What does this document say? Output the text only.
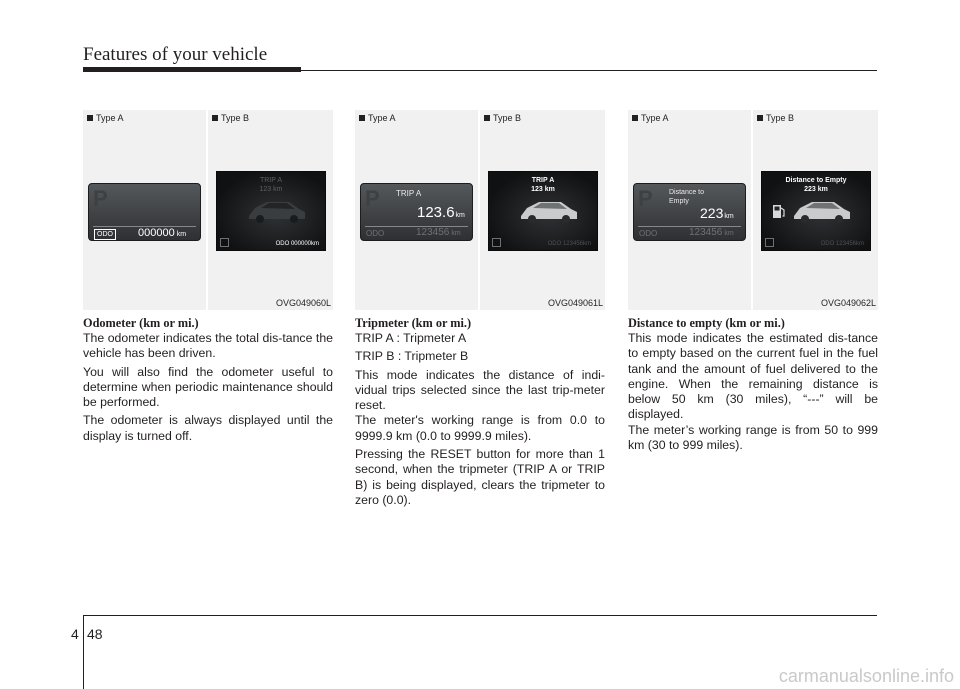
Features of your vehicle
Type A	Type B
P
ODO 000000 km
TRIP A
123 km
ODO 000000km
OVG049060L
Odometer (km or mi.)

The odometer indicates the total dis-tance the vehicle has been driven.

You will also find the odometer useful to determine when periodic maintenance should be performed.

The odometer is always displayed until the display is turned off.

Type A	Type B
P TRIP A
123.6km
ODO	123456 km
TRIP A
123 km
ODO 123456km
OVG049061L
Tripmeter (km or mi.)

TRIP A : Tripmeter A

TRIP B : Tripmeter B

This mode indicates the distance of indi-vidual trips selected since the last trip-meter reset.

The meter's working range is from 0.0 to 9999.9 km (0.0 to 9999.9 miles).

Pressing the RESET button for more than 1 second, when the tripmeter (TRIP A or TRIP B) is being displayed, clears the tripmeter to zero (0.0).

Type A	Type B
P Distance to
Empty
223km
ODO	123456 km
Distance to Empty
223 km
ODO 123456km
OVG049062L
Distance to empty (km or mi.)

This mode indicates the estimated dis-tance to empty based on the current fuel in the fuel tank and the amount of fuel delivered to the engine. When the remaining distance is below 50 km (30 miles), “---” will be displayed.

The meter’s working range is from 50 to 999 km (30 to 999 miles).

4 48
carmanualsonline.info
